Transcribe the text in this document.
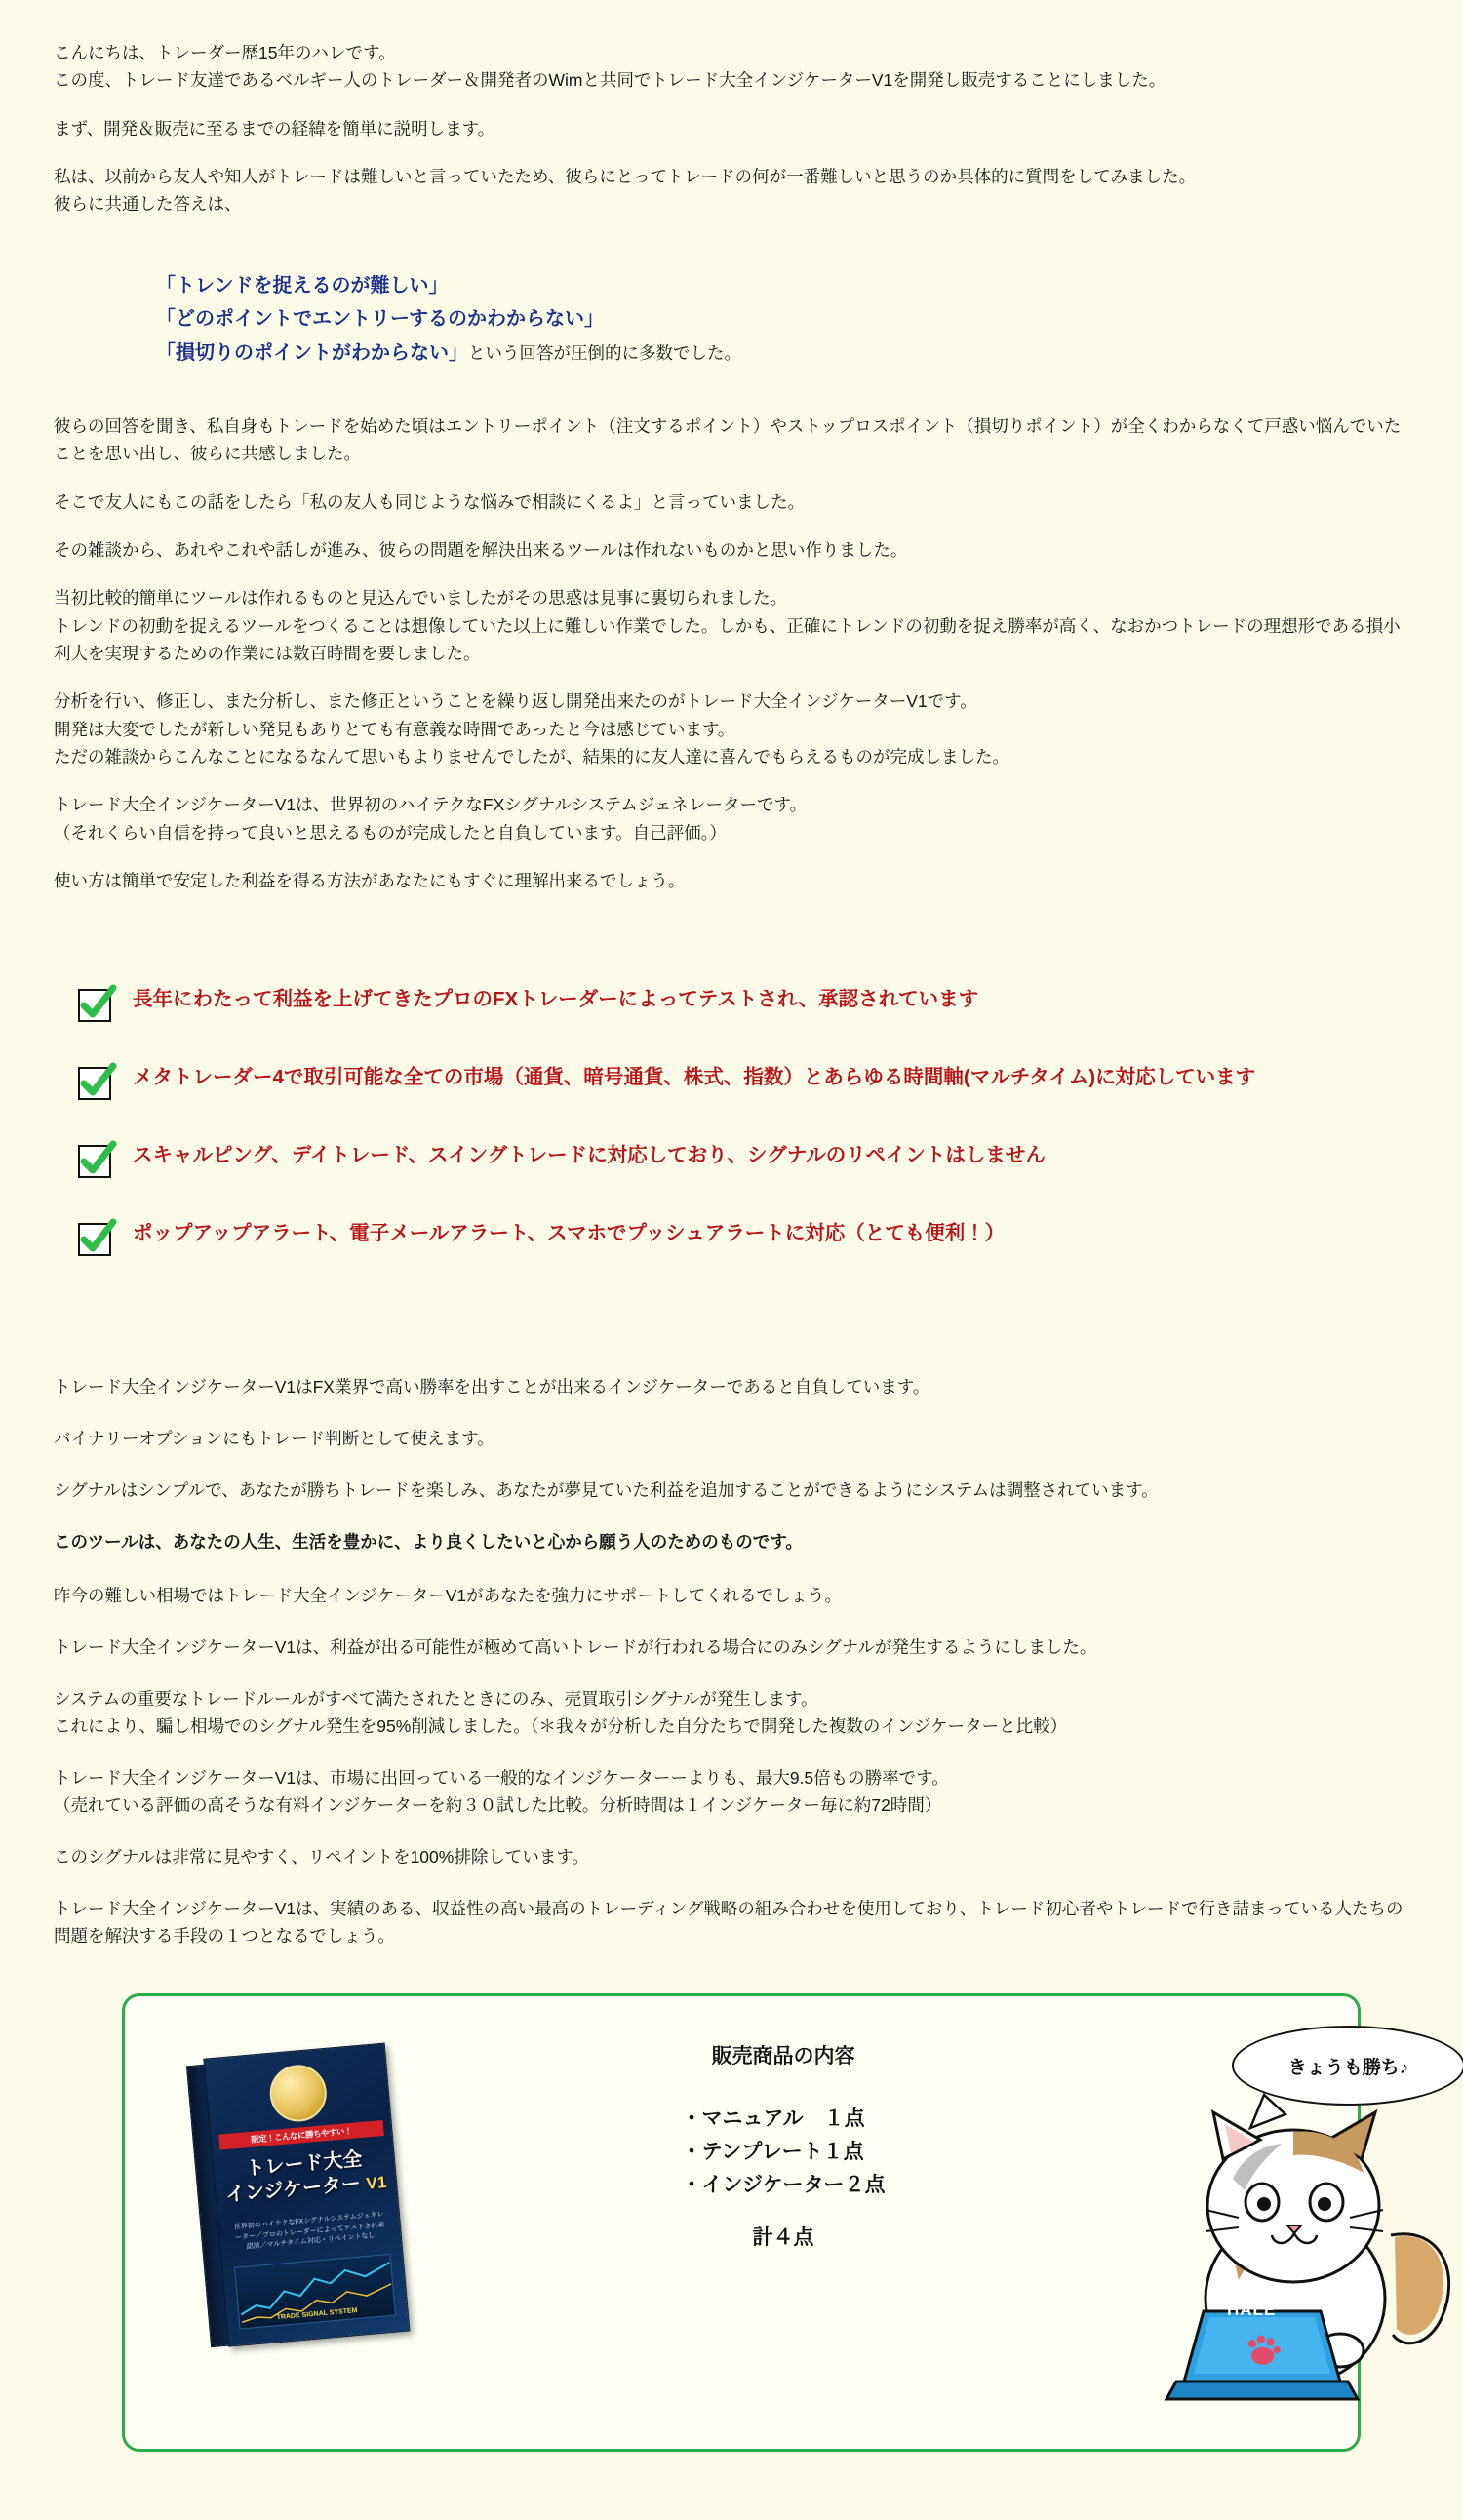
こんにちは、トレーダー歴15年のハレです。

この度、トレード友達であるベルギー人のトレーダー＆開発者のWimと共同でトレード大全インジケーターV1を開発し販売することにしました。

まず、開発＆販売に至るまでの経緯を簡単に説明します。

私は、以前から友人や知人がトレードは難しいと言っていたため、彼らにとってトレードの何が一番難しいと思うのか具体的に質問をしてみました。

彼らに共通した答えは、

「トレンドを捉えるのが難しい」
「どのポイントでエントリーするのかわからない」
「損切りのポイントがわからない」という回答が圧倒的に多数でした。

彼らの回答を聞き、私自身もトレードを始めた頃はエントリーポイント（注文するポイント）やストップロスポイント（損切りポイント）が全くわからなくて戸惑い悩んでいたことを思い出し、彼らに共感しました。

そこで友人にもこの話をしたら「私の友人も同じような悩みで相談にくるよ」と言っていました。

その雑談から、あれやこれや話しが進み、彼らの問題を解決出来るツールは作れないものかと思い作りました。

当初比較的簡単にツールは作れるものと見込んでいましたがその思惑は見事に裏切られました。

トレンドの初動を捉えるツールをつくることは想像していた以上に難しい作業でした。しかも、正確にトレンドの初動を捉え勝率が高く、なおかつトレードの理想形である損小利大を実現するための作業には数百時間を要しました。

分析を行い、修正し、また分析し、また修正ということを繰り返し開発出来たのがトレード大全インジケーターV1です。

開発は大変でしたが新しい発見もありとても有意義な時間であったと今は感じています。

ただの雑談からこんなことになるなんて思いもよりませんでしたが、結果的に友人達に喜んでもらえるものが完成しました。

トレード大全インジケーターV1は、世界初のハイテクなFXシグナルシステムジェネレーターです。

（それくらい自信を持って良いと思えるものが完成したと自負しています。自己評価。）

使い方は簡単で安定した利益を得る方法があなたにもすぐに理解出来るでしょう。

長年にわたって利益を上げてきたプロのFXトレーダーによってテストされ、承認されています
メタトレーダー4で取引可能な全ての市場（通貨、暗号通貨、株式、指数）とあらゆる時間軸(マルチタイム)に対応しています
スキャルピング、デイトレード、スイングトレードに対応しており、シグナルのリペイントはしません
ポップアップアラート、電子メールアラート、スマホでプッシュアラートに対応（とても便利！）

トレード大全インジケーターV1はFX業界で高い勝率を出すことが出来るインジケーターであると自負しています。

バイナリーオプションにもトレード判断として使えます。

シグナルはシンプルで、あなたが勝ちトレードを楽しみ、あなたが夢見ていた利益を追加することができるようにシステムは調整されています。

このツールは、あなたの人生、生活を豊かに、より良くしたいと心から願う人のためのものです。

昨今の難しい相場ではトレード大全インジケーターV1があなたを強力にサポートしてくれるでしょう。

トレード大全インジケーターV1は、利益が出る可能性が極めて高いトレードが行われる場合にのみシグナルが発生するようにしました。

システムの重要なトレードルールがすべて満たされたときにのみ、売買取引シグナルが発生します。

これにより、騙し相場でのシグナル発生を95%削減しました。（＊我々が分析した自分たちで開発した複数のインジケーターと比較）

トレード大全インジケーターV1は、市場に出回っている一般的なインジケーターーよりも、最大9.5倍もの勝率です。

（売れている評価の高そうな有料インジケーターを約３０試した比較。分析時間は１インジケーター毎に約72時間）

このシグナルは非常に見やすく、リペイントを100%排除しています。

トレード大全インジケーターV1は、実績のある、収益性の高い最高のトレーディング戦略の組み合わせを使用しており、トレード初心者やトレードで行き詰まっている人たちの問題を解決する手段の１つとなるでしょう。

限定！こんなに勝ちやすい！
トレード大全
インジケーター V1
世界初のハイテクなFXシグナルシステムジェネレーター／プロのトレーダーによってテストされ承認済／マルチタイム対応・リペイントなし
TRADE SIGNAL SYSTEM
販売商品の内容
・マニュアル　１点
・テンプレート１点
・インジケーター２点
計４点
きょうも勝ち♪
HALE
